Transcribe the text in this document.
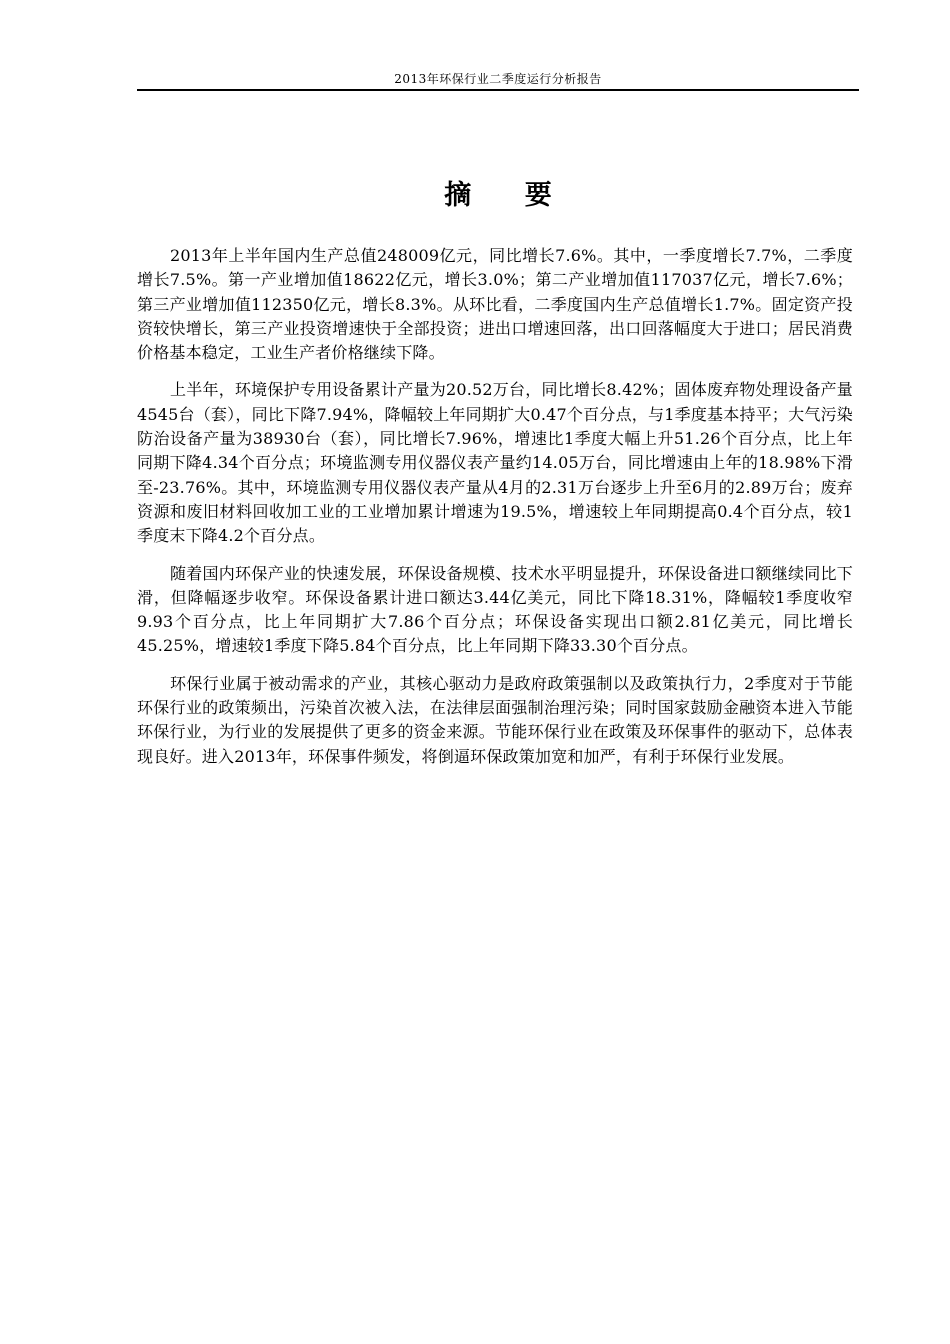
2013年环保行业二季度运行分析报告
摘 要

2013年上半年国内生产总值248009亿元，同比增长7.6%。其中，一季度增长7.7%，二季度增长7.5%。第一产业增加值18622亿元，增长3.0%；第二产业增加值117037亿元，增长7.6%；第三产业增加值112350亿元，增长8.3%。从环比看，二季度国内生产总值增长1.7%。固定资产投资较快增长，第三产业投资增速快于全部投资；进出口增速回落，出口回落幅度大于进口；居民消费价格基本稳定，工业生产者价格继续下降。

上半年，环境保护专用设备累计产量为20.52万台，同比增长8.42%；固体废弃物处理设备产量4545台（套），同比下降7.94%，降幅较上年同期扩大0.47个百分点，与1季度基本持平；大气污染防治设备产量为38930台（套），同比增长7.96%，增速比1季度大幅上升51.26个百分点，比上年同期下降4.34个百分点；环境监测专用仪器仪表产量约14.05万台，同比增速由上年的18.98%下滑至-23.76%。其中，环境监测专用仪器仪表产量从4月的2.31万台逐步上升至6月的2.89万台；废弃资源和废旧材料回收加工业的工业增加累计增速为19.5%，增速较上年同期提高0.4个百分点，较1季度末下降4.2个百分点。

随着国内环保产业的快速发展，环保设备规模、技术水平明显提升，环保设备进口额继续同比下滑，但降幅逐步收窄。环保设备累计进口额达3.44亿美元，同比下降18.31%，降幅较1季度收窄9.93个百分点，比上年同期扩大7.86个百分点；环保设备实现出口额2.81亿美元，同比增长45.25%，增速较1季度下降5.84个百分点，比上年同期下降33.30个百分点。

环保行业属于被动需求的产业，其核心驱动力是政府政策强制以及政策执行力，2季度对于节能环保行业的政策频出，污染首次被入法，在法律层面强制治理污染；同时国家鼓励金融资本进入节能环保行业，为行业的发展提供了更多的资金来源。节能环保行业在政策及环保事件的驱动下，总体表现良好。进入2013年，环保事件频发，将倒逼环保政策加宽和加严，有利于环保行业发展。
